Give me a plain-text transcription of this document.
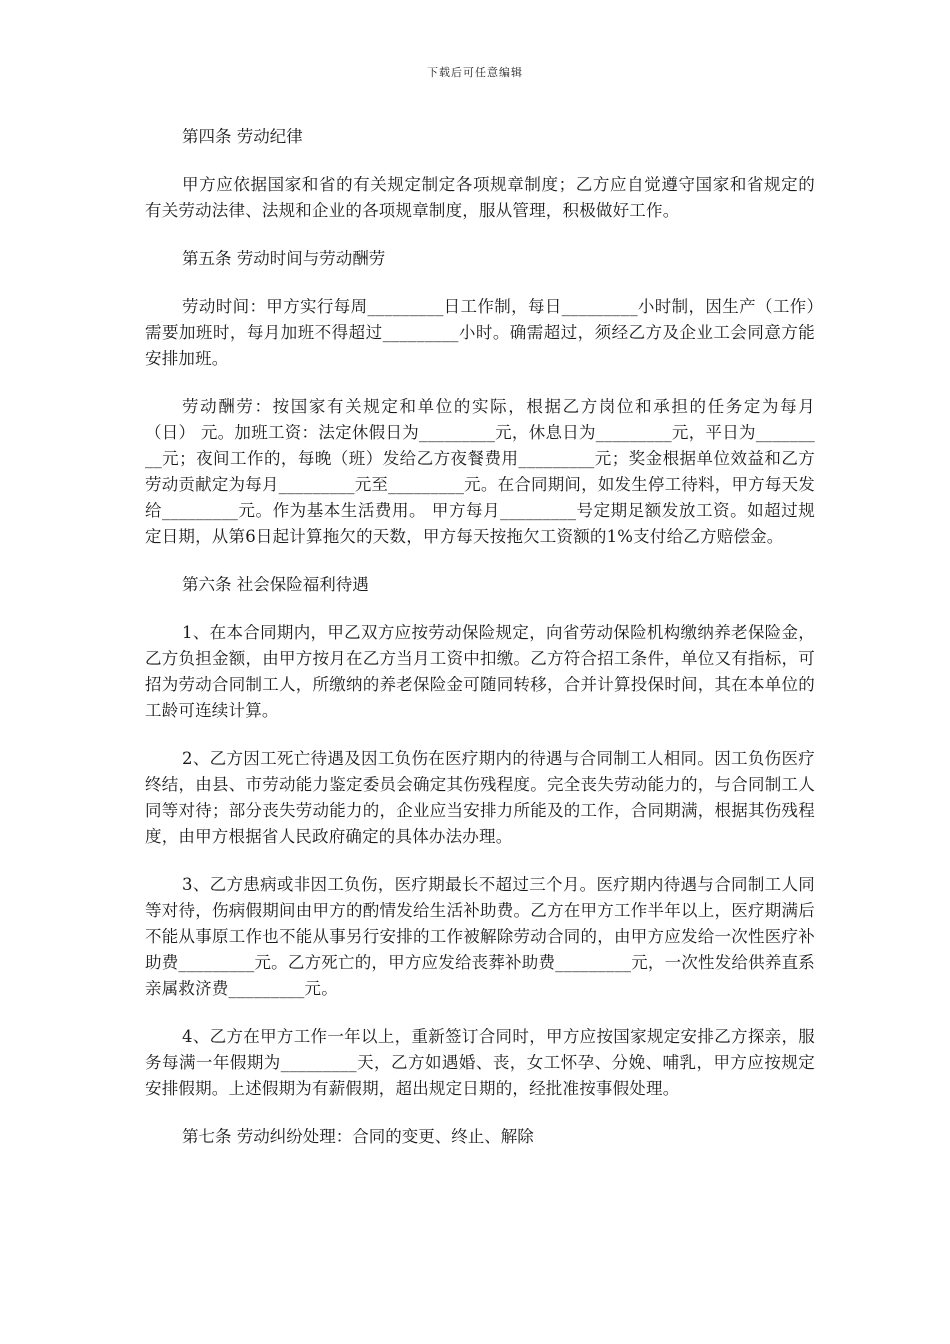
下载后可任意编辑

第四条 劳动纪律

甲方应依据国家和省的有关规定制定各项规章制度；乙方应自觉遵守国家和省规定的有关劳动法律、法规和企业的各项规章制度，服从管理，积极做好工作。

第五条 劳动时间与劳动酬劳

劳动时间：甲方实行每周_________日工作制，每日_________小时制，因生产（工作）需要加班时，每月加班不得超过_________小时。确需超过，须经乙方及企业工会同意方能安排加班。

劳动酬劳：按国家有关规定和单位的实际，根据乙方岗位和承担的任务定为每月（日） 元。加班工资：法定休假日为_________元，休息日为_________元，平日为_________元；夜间工作的，每晚（班）发给乙方夜餐费用_________元；奖金根据单位效益和乙方劳动贡献定为每月_________元至_________元。在合同期间，如发生停工待料，甲方每天发给_________元。作为基本生活费用。 甲方每月_________号定期足额发放工资。如超过规定日期，从第6日起计算拖欠的天数，甲方每天按拖欠工资额的1%支付给乙方赔偿金。

第六条 社会保险福利待遇

1、在本合同期内，甲乙双方应按劳动保险规定，向省劳动保险机构缴纳养老保险金，乙方负担金额，由甲方按月在乙方当月工资中扣缴。乙方符合招工条件，单位又有指标，可招为劳动合同制工人，所缴纳的养老保险金可随同转移，合并计算投保时间，其在本单位的工龄可连续计算。

2、乙方因工死亡待遇及因工负伤在医疗期内的待遇与合同制工人相同。因工负伤医疗终结，由县、市劳动能力鉴定委员会确定其伤残程度。完全丧失劳动能力的，与合同制工人同等对待；部分丧失劳动能力的，企业应当安排力所能及的工作，合同期满，根据其伤残程度，由甲方根据省人民政府确定的具体办法办理。

3、乙方患病或非因工负伤，医疗期最长不超过三个月。医疗期内待遇与合同制工人同等对待，伤病假期间由甲方的酌情发给生活补助费。乙方在甲方工作半年以上，医疗期满后不能从事原工作也不能从事另行安排的工作被解除劳动合同的，由甲方应发给一次性医疗补助费_________元。乙方死亡的，甲方应发给丧葬补助费_________元，一次性发给供养直系亲属救济费_________元。

4、乙方在甲方工作一年以上，重新签订合同时，甲方应按国家规定安排乙方探亲，服务每满一年假期为_________天，乙方如遇婚、丧，女工怀孕、分娩、哺乳，甲方应按规定安排假期。上述假期为有薪假期，超出规定日期的，经批准按事假处理。

第七条 劳动纠纷处理：合同的变更、终止、解除
